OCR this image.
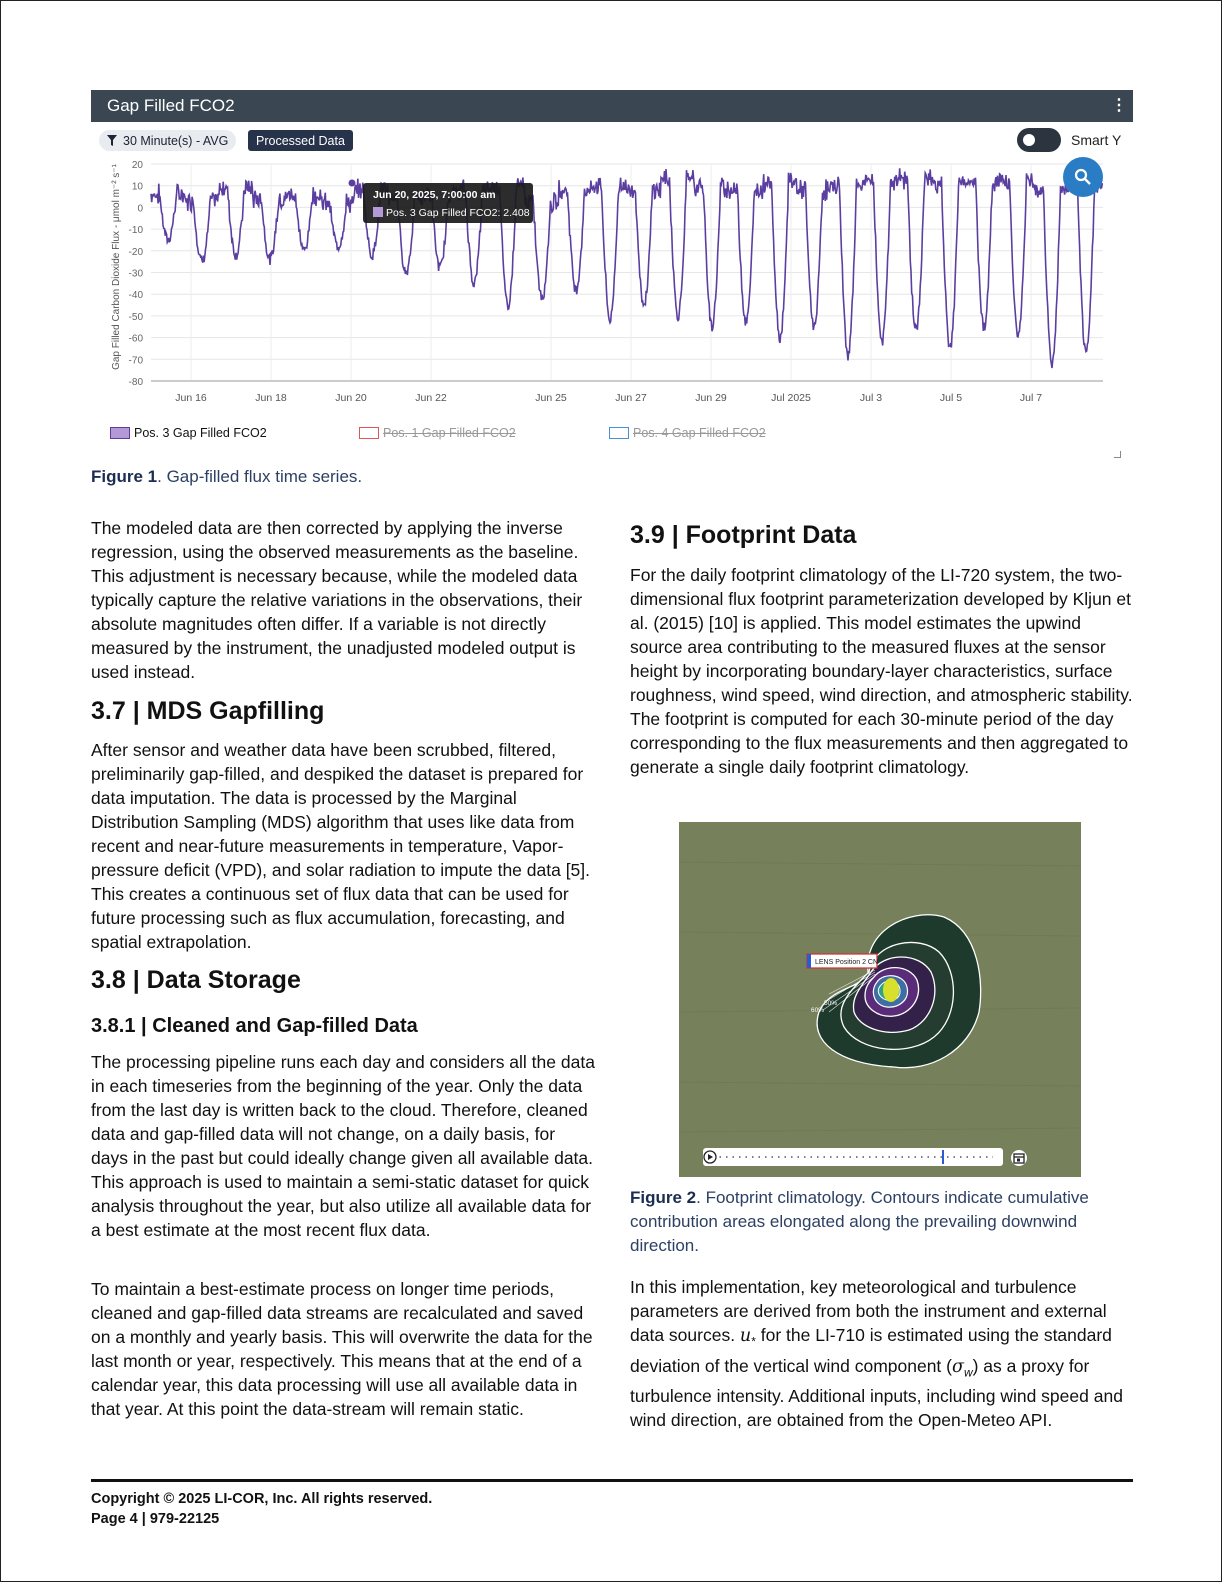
Gap Filled FCO2	⋮
30 Minute(s) - AVG Processed Data	Smart Y
20
10
0
-10
-20
-30
-40
-50
-60
-70
-80
Jun 16	Jun 18	Jun 20	Jun 22	Jun 25	Jun 27	Jun 29	Jul 2025	Jul 3	Jul 5	Jul 7
Gap Filled Carbon Dioxide Flux - μmol m⁻² s⁻¹	Jun 20, 2025, 7:00:00 am
Pos. 3 Gap Filled FCO2: 2.408
Pos. 3 Gap Filled FCO2	Pos. 1 Gap Filled FCO2	Pos. 4 Gap Filled FCO2
Figure 1. Gap-filled flux time series.

The modeled data are then corrected by applying the inverse regression, using the observed measurements as the baseline. This adjustment is necessary because, while the modeled data typically capture the relative variations in the observations, their absolute magnitudes often differ. If a variable is not directly measured by the instrument, the unadjusted modeled output is used instead.

3.7 | MDS Gapfilling

After sensor and weather data have been scrubbed, filtered, preliminarily gap-filled, and despiked the dataset is prepared for data imputation. The data is processed by the Marginal Distribution Sampling (MDS) algorithm that uses like data from recent and near-future measurements in temperature, Vapor-pressure deficit (VPD), and solar radiation to impute the data [5]. This creates a continuous set of flux data that can be used for future processing such as flux accumulation, forecasting, and spatial extrapolation.

3.8 | Data Storage
3.8.1 | Cleaned and Gap-filled Data

The processing pipeline runs each day and considers all the data in each timeseries from the beginning of the year. Only the data from the last day is written back to the cloud. Therefore, cleaned data and gap-filled data will not change, on a daily basis, for days in the past but could ideally change given all available data. This approach is used to maintain a semi-static dataset for quick analysis throughout the year, but also utilize all available data for a best estimate at the most recent flux data.

To maintain a best-estimate process on longer time periods, cleaned and gap-filled data streams are recalculated and saved on a monthly and yearly basis. This will overwrite the data for the last month or year, respectively. This means that at the end of a calendar year, this data processing will use all available data in that year. At this point the data-stream will remain static.

3.9 | Footprint Data

For the daily footprint climatology of the LI-720 system, the two-dimensional flux footprint parameterization developed by Kljun et al. (2015) [10] is applied. This model estimates the upwind source area contributing to the measured fluxes at the sensor height by incorporating boundary-layer characteristics, surface roughness, wind speed, wind direction, and atmospheric stability. The footprint is computed for each 30-minute period of the day corresponding to the flux measurements and then aggregated to generate a single daily footprint climatology.

LENS Position 2 CN
60%
50%
Figure 2. Footprint climatology. Contours indicate cumulative contribution areas elongated along the prevailing downwind direction.

In this implementation, key meteorological and turbulence parameters are derived from both the instrument and external data sources. $u_*$ for the LI-710 is estimated using the standard deviation of the vertical wind component $(\sigma_w)$ as a proxy for turbulence intensity. Additional inputs, including wind speed and wind direction, are obtained from the Open-Meteo API.

Copyright © 2025 LI-COR, Inc. All rights reserved.
Page 4 | 979-22125
